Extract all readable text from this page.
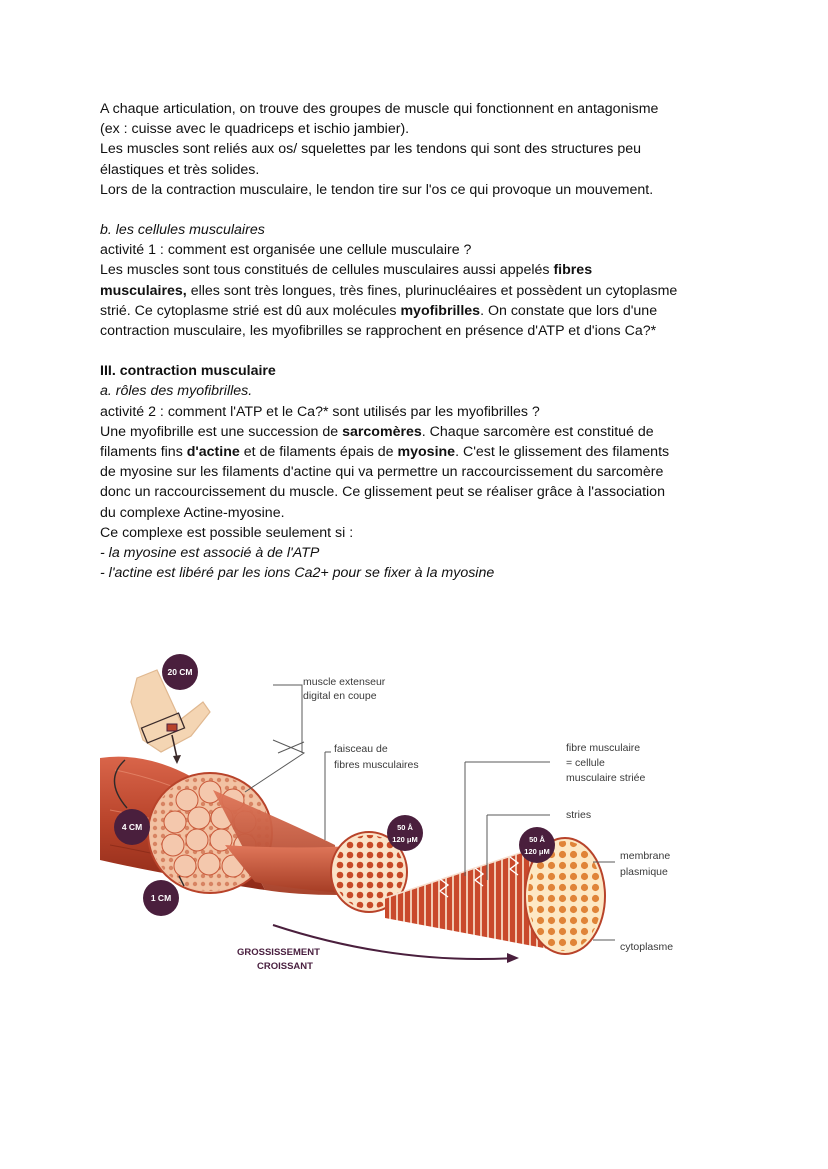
A chaque articulation, on trouve des groupes de muscle qui fonctionnent en antagonisme

(ex : cuisse avec le quadriceps et ischio jambier).

Les muscles sont reliés aux os/ squelettes par les tendons qui sont des structures peu

élastiques et très solides.

Lors de la contraction musculaire, le tendon tire sur l'os ce qui provoque un mouvement.

b. les cellules musculaires

activité 1 : comment est organisée une cellule musculaire ?

Les muscles sont tous constitués de cellules musculaires aussi appelés fibres

musculaires, elles sont très longues, très fines, plurinucléaires et possèdent un cytoplasme

strié. Ce cytoplasme strié est dû aux molécules myofibrilles. On constate que lors d'une

contraction musculaire, les myofibrilles se rapprochent en présence d'ATP et d'ions Ca?*

III. contraction musculaire

a. rôles des myofibrilles.

activité 2 : comment l'ATP et le Ca?* sont utilisés par les myofibrilles ?

Une myofibrille est une succession de sarcomères. Chaque sarcomère est constitué de

filaments fins d'actine et de filaments épais de myosine. C'est le glissement des filaments

de myosine sur les filaments d'actine qui va permettre un raccourcissement du sarcomère

donc un raccourcissement du muscle. Ce glissement peut se réaliser grâce à l'association

du complexe Actine-myosine.

Ce complexe est possible seulement si :

- la myosine est associé à de l'ATP

- l'actine est libéré par les ions Ca2+ pour se fixer à la myosine

GROSSISSEMENT
CROISSANT
20 CM
4 CM
1 CM
50 Å
120 μM	50 Å
120 μM
muscle extenseur
digital en coupe
faisceau de
fibres musculaires
fibre musculaire
= cellule
musculaire striée
stries
membrane
plasmique
cytoplasme
